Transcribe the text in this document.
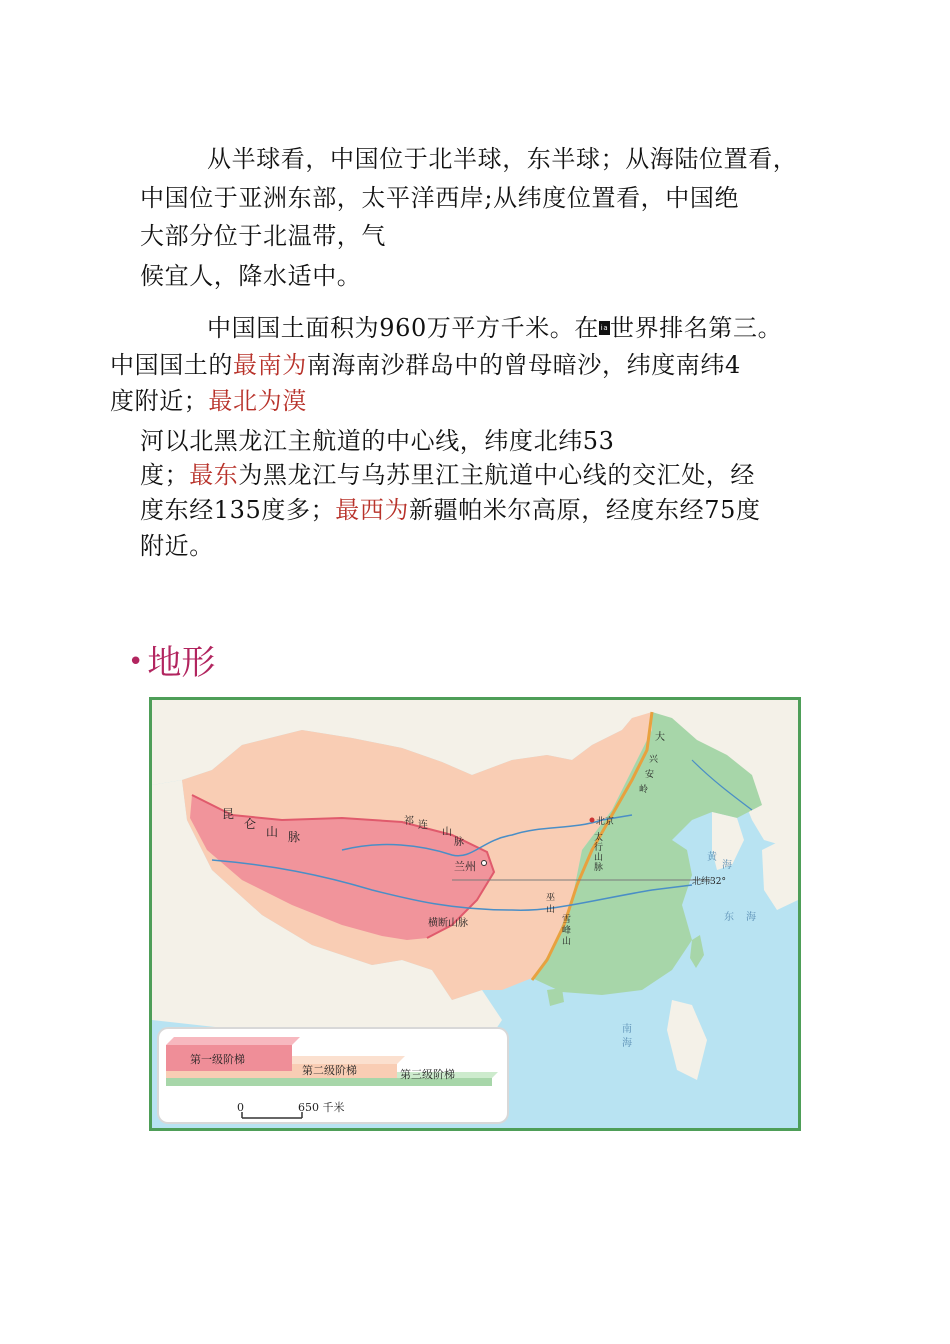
从半球看，中国位于北半球，东半球；从海陆位置看，
中国位于亚洲东部，太平洋西岸;从纬度位置看，中国绝
大部分位于北温带，气
候宜人，降水适中。
中国国土面积为960万平方千米。在 ia世界排名第三。
中国国土的最南为南海南沙群岛中的曾母暗沙，纬度南纬4
度附近；最北为漠
河以北黑龙江主航道的中心线，纬度北纬53
度；最东为黑龙江与乌苏里江主航道中心线的交汇处，经
度东经135度多；最西为新疆帕米尔高原，经度东经75度
附近。
• 地形
昆
仑
山 脉
祁 连
山
脉
兰州
横断山脉
北京
太
行
山
脉
大
兴
安
岭
巫
山
雪
峰
山
北纬32°
黄
海
东 海
南
海
第一级阶梯
第二级阶梯	第三级阶梯
0	650 千米
